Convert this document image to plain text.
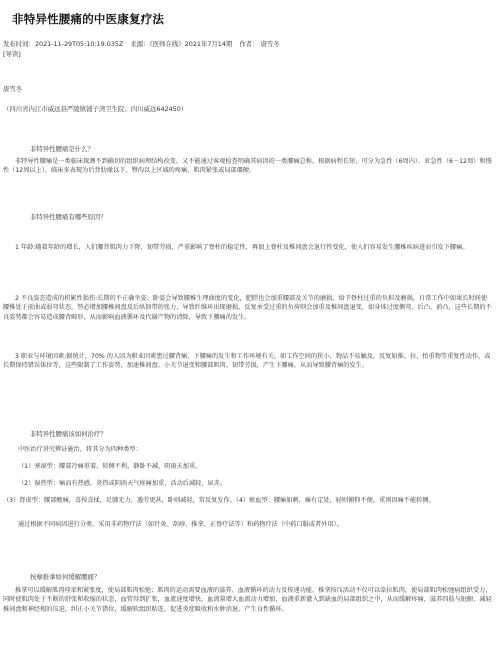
非特异性腰痛的中医康复疗法
发布时间：2021-11-29T05:10:19.035Z 来源：《医师在线》2021年7月14期 作者： 唐雪冬
[导读]
唐雪冬
（四川省内江市威远县严陵镇铺子湾卫生院；四川威远642450）
非特异性腰痛是什么？

非特异性腰痛是一类临床探测不到确切的组织病理结构改变，又不能通过客观检查明确其病因的一类腰痛总称，根据病程长短，可分为急性（6周内）、亚急性（6－12周）和慢性（12周以上），临床多表现为后背肋缘以下、臀沟以上区域的疼痛、肌肉紧张或局部僵硬。

非特异性腰痛有哪些原因？

1 年龄:随着年龄的增长，人们腰背肌肉力下降、韧带劳损，严重影响了脊柱的稳定性，再加上脊柱及椎间盘会退行性变化，使人们容易发生腰椎疾病进而引发下腰痛。

2 不良姿态造成的积累性损伤:长期的不正确坐姿、卧姿会导致腰椎生理曲度的变化，肥胖也会加重腰部及关节的磨损，给予脊柱过重的负担及磨损，日常工作中如果长时间使腰椎处于前曲或弱弯状态，势必增加腰椎间盘及后纵韧带的张力，导致纤维环出现磨损，反复承受过重的负荷则会加重及椎间盘退变，如身体过度侧弯、后凸、前凸，这些长期的不良姿势都会容易造成腰背畸形，从而影响血液循环及代谢产物的清除，导致下腰痛的发生。

3 职业与环境因素:据统计，70% 的人因为职业因素患过腰背痛，下腰痛的发生和工作环境有关，如工作空间的狭小，物品不易触及，反复如推、拉、抬重物等重复性动作，或长期保持错误体位等，这些限制了工作姿势，加速椎间盘、小关节退变和腰部肌肉、韧带劳损，产生下腰痛。从而导致腰背痛的发生。

非特异性腰痛该如何治疗？

中医治疗讲究辨证施治，将其分为四种类型：

（1）寒湿型：腰部冷痛重着，转侧不利，静卧不减，阴雨天加重。

（2）湿热型：痛而有热感，炎热或阴雨天气疼痛加重，活动后减轻，尿赤。

（3）肾虚型：腰部酸痛，喜按喜揉，足膝无力，遇劳更甚，卧则减轻，常反复发作。（4）瘀血型：腰痛如刺，痛有定处，轻则俯仰不便，重则因痛不能转侧。

通过根据不同病因进行分类，采用非药物疗法（如针灸、刮痧、推拿、正脊疗法等）和药物疗法（中药口服或者外用）。

按摩推拿如何缓解腰痛？

推拿可以缓解肌肉痉挛和紧张度，使局部肌肉松弛；肌肉的运动需要血液的滋养、血液循环的动力及传递功能，推拿按压活动不仅可以牵拉肌肉，使局部肌肉松弛病组织受力，同时使肌肉处于不断的舒张和收缩的状态，血管得到扩张，血流速度增快，血流量增大血流动力增加，血液重新灌入到缺血的局部组织之中，从而缓解疼痛，滋养四肢与脏腑，减轻椎间盘和神经根的压迫，纠正小关节错位，缓解软组织粘连，促进炎症吸收和水肿消退。产生良性循环。
